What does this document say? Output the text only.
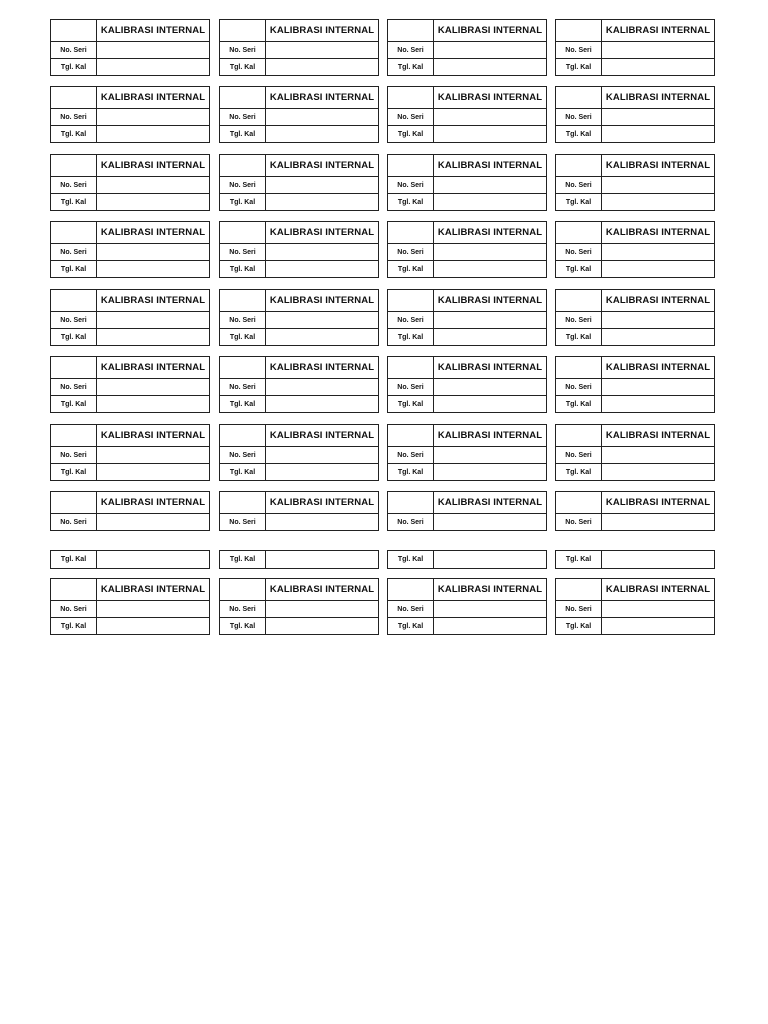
KALIBRASI INTERNAL
No. Seri
Tgl. Kal
KALIBRASI INTERNAL
No. Seri
Tgl. Kal
KALIBRASI INTERNAL
No. Seri
Tgl. Kal
KALIBRASI INTERNAL
No. Seri
Tgl. Kal
KALIBRASI INTERNAL
No. Seri
Tgl. Kal
KALIBRASI INTERNAL
No. Seri
Tgl. Kal
KALIBRASI INTERNAL
No. Seri
Tgl. Kal
KALIBRASI INTERNAL
No. Seri
Tgl. Kal
KALIBRASI INTERNAL
No. Seri
Tgl. Kal
KALIBRASI INTERNAL
No. Seri
Tgl. Kal
KALIBRASI INTERNAL
No. Seri
Tgl. Kal
KALIBRASI INTERNAL
No. Seri
Tgl. Kal
KALIBRASI INTERNAL
No. Seri
Tgl. Kal
KALIBRASI INTERNAL
No. Seri
Tgl. Kal
KALIBRASI INTERNAL
No. Seri
Tgl. Kal
KALIBRASI INTERNAL
No. Seri
Tgl. Kal
KALIBRASI INTERNAL
No. Seri
Tgl. Kal
KALIBRASI INTERNAL
No. Seri
Tgl. Kal
KALIBRASI INTERNAL
No. Seri
Tgl. Kal
KALIBRASI INTERNAL
No. Seri
Tgl. Kal
KALIBRASI INTERNAL
No. Seri
Tgl. Kal
KALIBRASI INTERNAL
No. Seri
Tgl. Kal
KALIBRASI INTERNAL
No. Seri
Tgl. Kal
KALIBRASI INTERNAL
No. Seri
Tgl. Kal
KALIBRASI INTERNAL
No. Seri
Tgl. Kal
KALIBRASI INTERNAL
No. Seri
Tgl. Kal
KALIBRASI INTERNAL
No. Seri
Tgl. Kal
KALIBRASI INTERNAL
No. Seri
Tgl. Kal
KALIBRASI INTERNAL
No. Seri
Tgl. Kal
KALIBRASI INTERNAL
No. Seri
Tgl. Kal
KALIBRASI INTERNAL
No. Seri
Tgl. Kal
KALIBRASI INTERNAL
No. Seri
Tgl. Kal
KALIBRASI INTERNAL
No. Seri
Tgl. Kal
KALIBRASI INTERNAL
No. Seri
Tgl. Kal
KALIBRASI INTERNAL
No. Seri
Tgl. Kal
KALIBRASI INTERNAL
No. Seri
Tgl. Kal
